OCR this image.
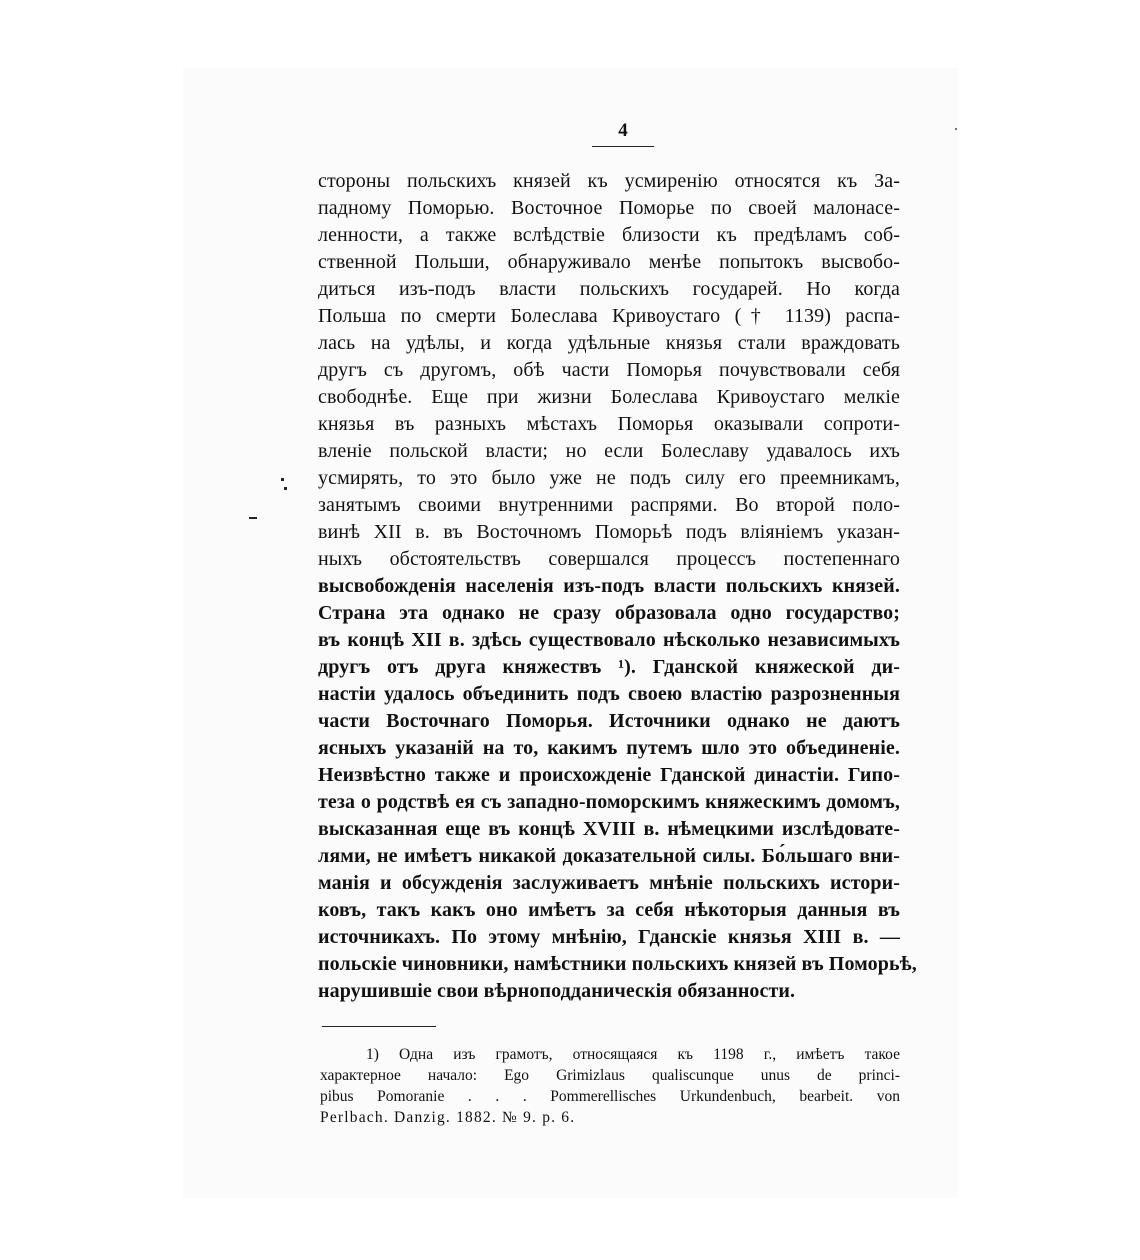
4
стороны польскихъ князей къ усмиренію относятся къ За-
падному Поморью. Восточное Поморье по своей малонасе-
ленности, а также вслѣдствіе близости къ предѣламъ соб-
ственной Польши, обнаруживало менѣе попытокъ высвобо-
диться изъ-подъ власти польскихъ государей. Но когда
Польша по смерти Болеслава Кривоустаго († 1139) распа-
лась на удѣлы, и когда удѣльные князья стали враждовать
другъ съ другомъ, обѣ части Поморья почувствовали себя
свободнѣе. Еще при жизни Болеслава Кривоустаго мелкіе
князья въ разныхъ мѣстахъ Поморья оказывали сопроти-
вленіе польской власти; но если Болеславу удавалось ихъ
усмирять, то это было уже не подъ силу его преемникамъ,
занятымъ своими внутренними распрями. Во второй поло-
винѣ XII в. въ Восточномъ Поморьѣ подъ вліяніемъ указан-
ныхъ обстоятельствъ совершался процессъ постепеннаго
высвобожденія населенія изъ-подъ власти польскихъ князей.
Страна эта однако не сразу образовала одно государство;
въ концѣ XII в. здѣсь существовало нѣсколько независимыхъ
другъ отъ друга княжествъ ¹). Гданской княжеской ди-
настіи удалось объединить подъ своею властію разрозненныя
части Восточнаго Поморья. Источники однако не даютъ
ясныхъ указаній на то, какимъ путемъ шло это объединеніе.
Неизвѣстно также и происхожденіе Гданской династіи. Гипо-
теза о родствѣ ея съ западно-поморскимъ княжескимъ домомъ,
высказанная еще въ концѣ XVIII в. нѣмецкими изслѣдовате-
лями, не имѣетъ никакой доказательной силы. Бо́льшаго вни-
манія и обсужденія заслуживаетъ мнѣніе польскихъ истори-
ковъ, такъ какъ оно имѣетъ за себя нѣкоторыя данныя въ
источникахъ. По этому мнѣнію, Гданскіе князья XIII в. —
польскіе чиновники, намѣстники польскихъ князей въ Поморьѣ,
нарушившіе свои вѣрноподданическія обязанности.
1) Одна изъ грамотъ, относящаяся къ 1198 г., имѣетъ такое
характерное начало: Ego Grimizlaus qualiscunque unus de princi-
pibus Pomoranie . . . Pommerellisches Urkundenbuch, bearbeit. von
Perlbach. Danzig. 1882. № 9. p. 6.
